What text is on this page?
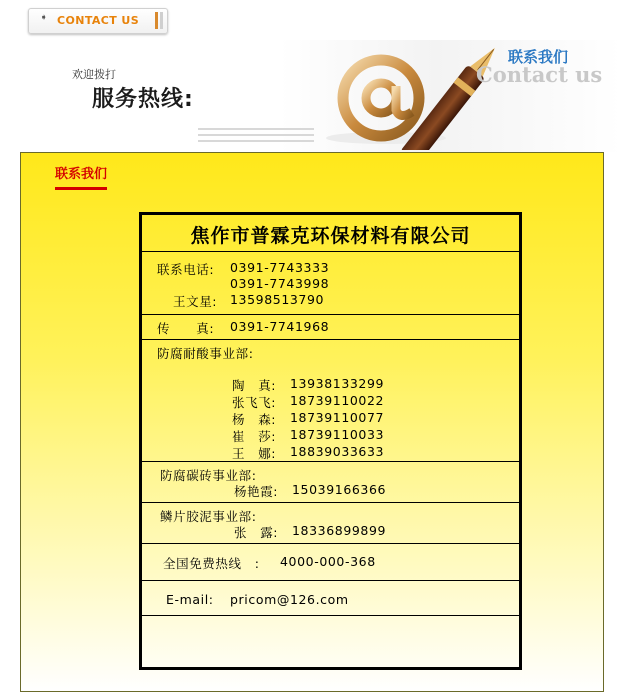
➧ CONTACT US
欢迎拨打
服务热线:
联系我们
Contact us
联系我们
焦作市普霖克环保材料有限公司
联系电话: 0391-7743333
0391-7743998
王文星: 13598513790
传　　真: 0391-7741968
防腐耐酸事业部:
陶　真: 13938133299
张飞飞: 18739110022
杨　森: 18739110077
崔　莎: 18739110033
王　娜: 18839033633
防腐碳砖事业部:
杨艳霞: 15039166366
鳞片胶泥事业部:
张　露: 18336899899
全国免费热线　: 4000-000-368
E-mail: pricom@126.com
